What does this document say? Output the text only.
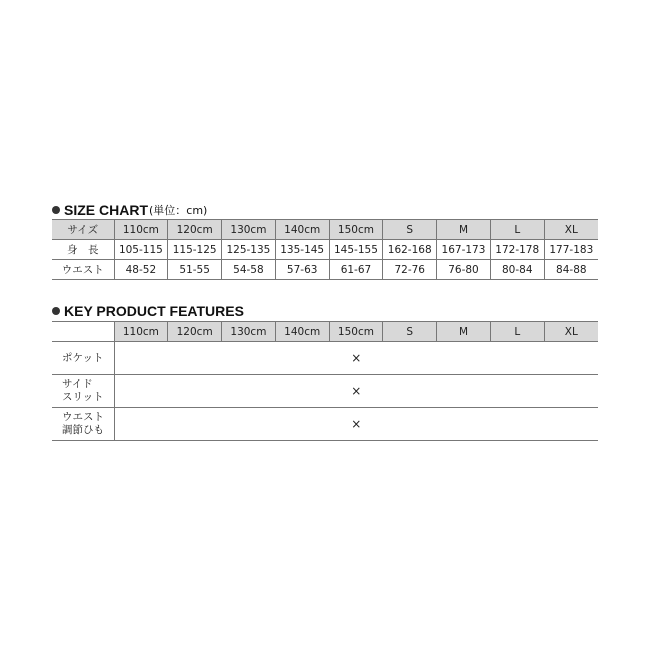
SIZE CHART (単位：cm)
サイズ	110cm	120cm	130cm	140cm	150cm	S	M	L	XL
身　長	105-115	115-125	125-135	135-145	145-155	162-168	167-173	172-178	177-183
ウエスト	48-52	51-55	54-58	57-63	61-67	72-76	76-80	80-84	84-88
KEY PRODUCT FEATURES
	110cm	120cm	130cm	140cm	150cm	S	M	L	XL

ポケット	×								

サイド
スリット	×								

ウエスト
調節ひも	×								
